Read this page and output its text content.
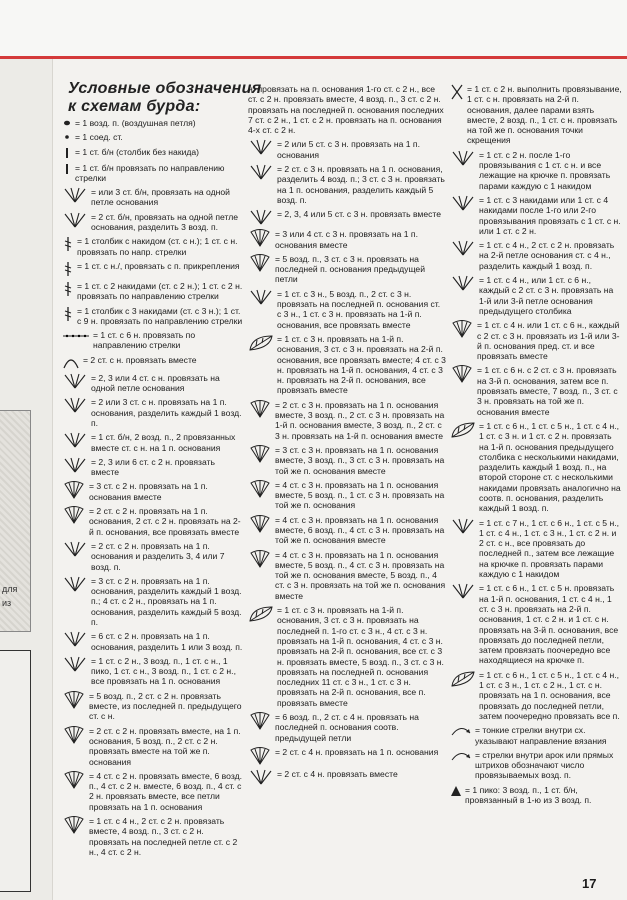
для
из
Условные обозначения
к схемам бурда:
= 1 возд. п. (воздушная петля)
= 1 соед. ст.
= 1 ст. б/н (столбик без накида)
= 1 ст. б/н провязать по направлению стрелки
= или 3 ст. б/н, провязать на одной петле основания
= 2 ст. б/н, провязать на одной петле основания, разделить 3 возд. п.
= 1 столбик с накидом (ст. с н.); 1 ст. с н. провязать по напр. стрелки
= 1 ст. с н./, провязать с п. прикрепления
= 1 ст. с 2 накидами (ст. с 2 н.); 1 ст. с 2 н. провязать по направлению стрелки
= 1 столбик с 3 накидами (ст. с 3 н.); 1 ст. с 9 н. провязать по направлению стрелки
= 1 ст. с 6 н. провязать по направлению стрелки
= 2 ст. с н. провязать вместе
= 2, 3 или 4 ст. с н. провязать на одной петле основания
= 2 или 3 ст. с н. провязать на 1 п. основания, разделить каждый 1 возд. п.
= 1 ст. б/н, 2 возд. п., 2 провязанных вместе ст. с н. на 1 п. основания
= 2, 3 или 6 ст. с 2 н. провязать вместе
= 3 ст. с 2 н. провязать на 1 п. основания вместе
= 2 ст. с 2 н. провязать на 1 п. основания, 2 ст. с 2 н. провязать на 2-й п. основания, все провязать вместе
= 2 ст. с 2 н. провязать на 1 п. основания и разделить 3, 4 или 7 возд. п.
= 3 ст. с 2 н. провязать на 1 п. основания, разделить каждый 1 возд. п.; 4 ст. с 2 н., провязать на 1 п. основания, разделить каждый 5 возд. п.
= 6 ст. с 2 н. провязать на 1 п. основания, разделить 1 или 3 возд. п.
= 1 ст. с 2 н., 3 возд. п., 1 ст. с н., 1 пико, 1 ст. с н., 3 возд. п., 1 ст. с 2 н., все провязать на 1 п. основания
= 5 возд. п., 2 ст. с 2 н. провязать вместе, из последней п. предыдущего ст. с н.
= 2 ст. с 2 н. провязать вместе, на 1 п. основания, 5 возд. п., 2 ст. с 2 н. провязать вместе на той же п. основания
= 4 ст. с 2 н. провязать вместе, 6 возд. п., 4 ст. с 2 н. вместе, 6 возд. п., 4 ст. с 2 н. провязать вместе, все петли провязать на 1 п. основания
= 1 ст. с 4 н., 2 ст. с 2 н. провязать вместе, 4 возд. п., 3 ст. с 2 н. провязать на последней петле ст. с 2 н., 4 ст. с 2 н.
н. провязать на п. основания 1-го ст. с 2 н., все ст. с 2 н. провязать вместе, 4 возд. п., 3 ст. с 2 н. провязать на последней п. основания последних 7 ст. с 2 н., 1 ст. с 2 н. провязать на п. основания 4-х ст. с 2 н.
= 2 или 5 ст. с 3 н. провязать на 1 п. основания
= 2 ст. с 3 н. провязать на 1 п. основания, разделить 4 возд. п.; 3 ст. с 3 н. провязать на 1 п. основания, разделить каждый 5 возд. п.
= 2, 3, 4 или 5 ст. с 3 н. провязать вместе
= 3 или 4 ст. с 3 н. провязать на 1 п. основания вместе
= 5 возд. п., 3 ст. с 3 н. провязать на последней п. основания предыдущей петли
= 1 ст. с 3 н., 5 возд. п., 2 ст. с 3 н. провязать на последней п. основания ст. с 3 н., 1 ст. с 3 н. провязать на 1-й п. основания, все провязать вместе
= 1 ст. с 3 н. провязать на 1-й п. основания, 3 ст. с 3 н. провязать на 2-й п. основания, все провязать вместе; 4 ст. с 3 н. провязать на 1-й п. основания, 4 ст. с 3 н. провязать на 2-й п. основания, все провязать вместе
= 2 ст. с 3 н. провязать на 1 п. основания вместе, 3 возд. п., 2 ст. с 3 н. провязать на 1-й п. основания вместе, 3 возд. п., 2 ст. с 3 н. провязать на 1-й п. основания вместе
= 3 ст. с 3 н. провязать на 1 п. основания вместе, 3 возд. п., 3 ст. с 3 н. провязать на той же п. основания вместе
= 4 ст. с 3 н. провязать на 1 п. основания вместе, 5 возд. п., 1 ст. с 3 н. провязать на той же п. основания
= 4 ст. с 3 н. провязать на 1 п. основания вместе, 6 возд. п., 4 ст. с 3 н. провязать на той же п. основания вместе
= 4 ст. с 3 н. провязать на 1 п. основания вместе, 5 возд. п., 4 ст. с 3 н. провязать на той же п. основания вместе, 5 возд. п., 4 ст. с 3 н. провязать на той же п. основания вместе
= 1 ст. с 3 н. провязать на 1-й п. основания, 3 ст. с 3 н. провязать на последней п. 1-го ст. с 3 н., 4 ст. с 3 н. провязать на 1-й п. основания, 4 ст. с 3 н. провязать на 2-й п. основания, все ст. с 3 н. провязать вместе, 5 возд. п., 3 ст. с 3 н. провязать на последней п. основания последних 11 ст. с 3 н., 1 ст. с 3 н. провязать на 2-й п. основания, все п. провязать вместе
= 6 возд. п., 2 ст. с 4 н. провязать на последней п. основания соотв. предыдущей петли
= 2 ст. с 4 н. провязать на 1 п. основания
= 2 ст. с 4 н. провязать вместе
= 1 ст. с 2 н. выполнить провязывание, 1 ст. с н. провязать на 2-й п. основания, далее парами взять вместе, 2 возд. п., 1 ст. с н. провязать на той же п. основания точки скрещения
= 1 ст. с 2 н. после 1-го провязывания с 1 ст. с н. и все лежащие на крючке п. провязать парами каждую с 1 накидом
= 1 ст. с 3 накидами или 1 ст. с 4 накидами после 1-го или 2-го провязывания провязать с 1 ст. с н. или 1 ст. с 2 н.
= 1 ст. с 4 н., 2 ст. с 2 н. провязать на 2-й петле основания ст. с 4 н., разделить каждый 1 возд. п.
= 1 ст. с 4 н., или 1 ст. с 6 н., каждый с 2 ст. с 3 н. провязать на 1-й или 3-й петле основания предыдущего столбика
= 1 ст. с 4 н. или 1 ст. с 6 н., каждый с 2 ст. с 3 н. провязать из 1-й или 3-й п. основания пред. ст. и все провязать вместе
= 1 ст. с 6 н. с 2 ст. с 3 н. провязать на 3-й п. основания, затем все п. провязать вместе, 7 возд. п., 3 ст. с 3 н. провязать на той же п. основания вместе
= 1 ст. с 6 н., 1 ст. с 5 н., 1 ст. с 4 н., 1 ст. с 3 н. и 1 ст. с 2 н. провязать на 1-й п. основания предыдущего столбика с несколькими накидами, разделить каждый 1 возд. п., на второй стороне ст. с несколькими накидами провязать аналогично на соотв. п. основания, разделить каждый 1 возд. п.
= 1 ст. с 7 н., 1 ст. с 6 н., 1 ст. с 5 н., 1 ст. с 4 н., 1 ст. с 3 н., 1 ст. с 2 н. и 2 ст. с н., все провязать до последней п., затем все лежащие на крючке п. провязать парами каждую с 1 накидом
= 1 ст. с 6 н., 1 ст. с 5 н. провязать на 1-й п. основания, 1 ст. с 4 н., 1 ст. с 3 н. провязать на 2-й п. основания, 1 ст. с 2 н. и 1 ст. с н. провязать на 3-й п. основания, все провязать до последней петли, затем провязать поочередно все находящиеся на крючке п.
= 1 ст. с 6 н., 1 ст. с 5 н., 1 ст. с 4 н., 1 ст. с 3 н., 1 ст. с 2 н., 1 ст. с н. провязать на 1 п. основания, все провязать до последней петли, затем поочередно провязать все п.
= тонкие стрелки внутри сх. указывают направление вязания
= стрелки внутри арок или прямых штрихов обозначают число провязываемых возд. п.
= 1 пико: 3 возд. п., 1 ст. б/н, провязанный в 1-ю из 3 возд. п.
17
